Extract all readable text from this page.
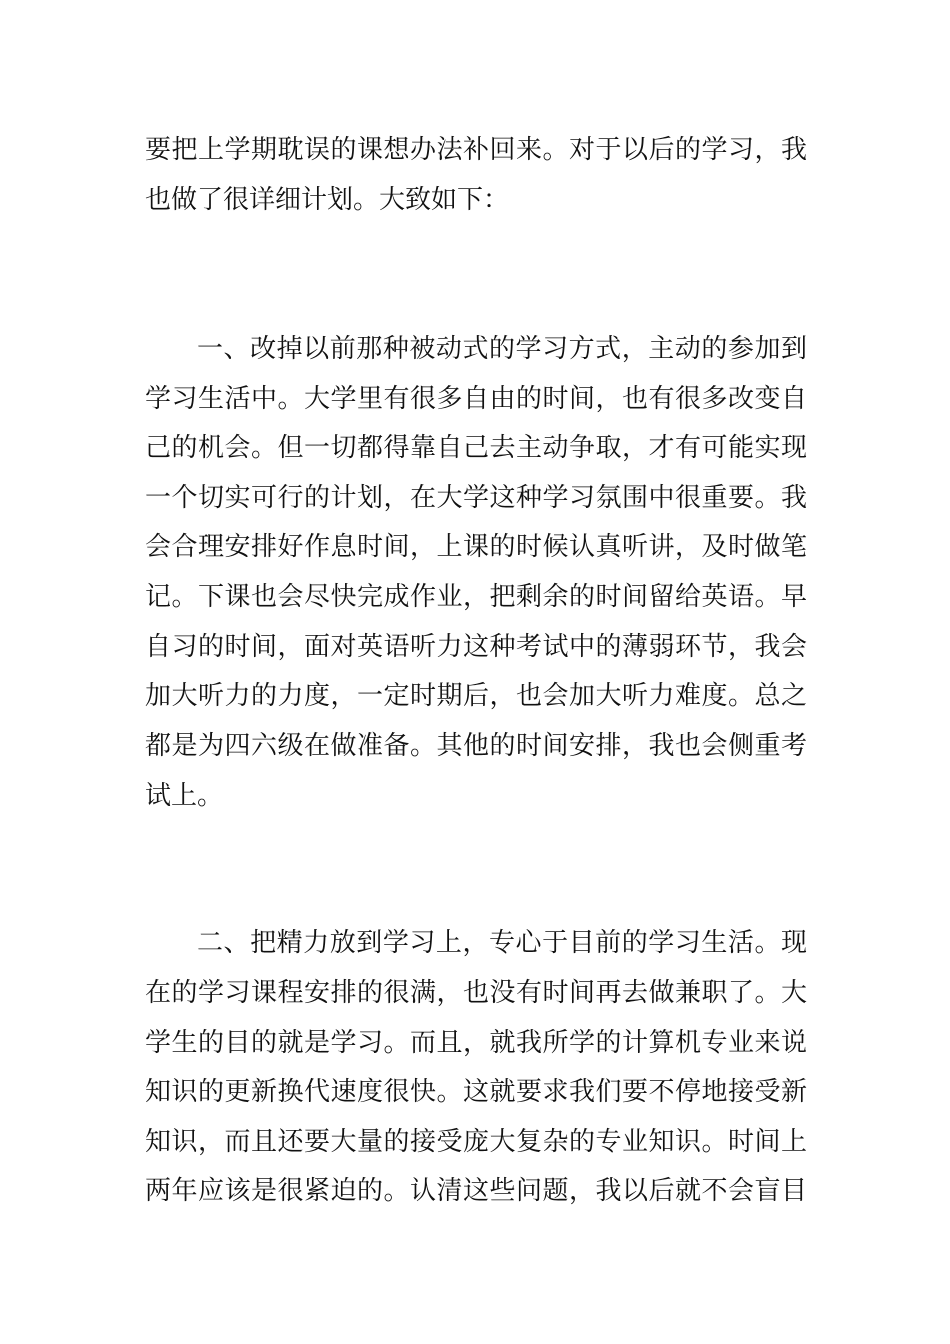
要把上学期耽误的课想办法补回来。对于以后的学习，我
也做了很详细计划。大致如下：
一、改掉以前那种被动式的学习方式，主动的参加到
学习生活中。大学里有很多自由的时间，也有很多改变自
己的机会。但一切都得靠自己去主动争取，才有可能实现
一个切实可行的计划，在大学这种学习氛围中很重要。我
会合理安排好作息时间，上课的时候认真听讲，及时做笔
记。下课也会尽快完成作业，把剩余的时间留给英语。早
自习的时间，面对英语听力这种考试中的薄弱环节，我会
加大听力的力度，一定时期后，也会加大听力难度。总之
都是为四六级在做准备。其他的时间安排，我也会侧重考
试上。
二、把精力放到学习上，专心于目前的学习生活。现
在的学习课程安排的很满，也没有时间再去做兼职了。大
学生的目的就是学习。而且，就我所学的计算机专业来说
知识的更新换代速度很快。这就要求我们要不停地接受新
知识，而且还要大量的接受庞大复杂的专业知识。时间上
两年应该是很紧迫的。认清这些问题，我以后就不会盲目
